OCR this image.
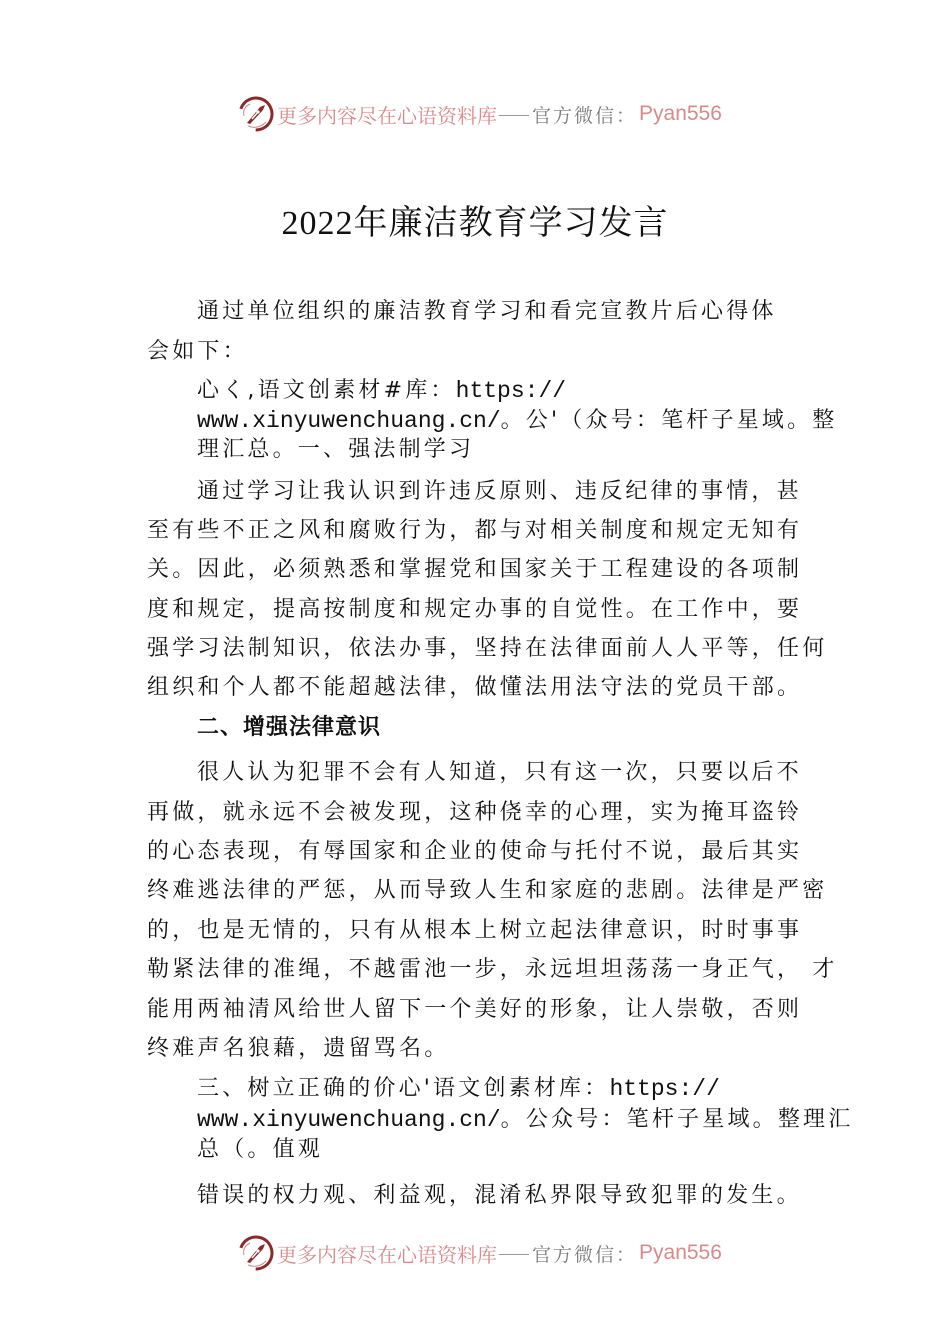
更多内容尽在心语资料库 官方微信： Pyan556
2022年廉洁教育学习发言
通过单位组织的廉洁教育学习和看完宣教片后心得体
会如下：
心く,语文创素材#库：https://
www.xinyuwenchuang.cn/。公'（众号：笔杆子星域。整
理汇总。一、强法制学习
通过学习让我认识到许违反原则、违反纪律的事情，甚
至有些不正之风和腐败行为，都与对相关制度和规定无知有
关。因此，必须熟悉和掌握党和国家关于工程建设的各项制
度和规定，提高按制度和规定办事的自觉性。在工作中，要
强学习法制知识，依法办事，坚持在法律面前人人平等，任何
组织和个人都不能超越法律，做懂法用法守法的党员干部。
二、增强法律意识
很人认为犯罪不会有人知道，只有这一次，只要以后不
再做，就永远不会被发现，这种侥幸的心理，实为掩耳盗铃
的心态表现，有辱国家和企业的使命与托付不说，最后其实
终难逃法律的严惩，从而导致人生和家庭的悲剧。法律是严密
的，也是无情的，只有从根本上树立起法律意识，时时事事
勒紧法律的准绳，不越雷池一步，永远坦坦荡荡一身正气， 才
能用两袖清风给世人留下一个美好的形象，让人崇敬，否则
终难声名狼藉，遗留骂名。
三、树立正确的价心'语文创素材库：https://
www.xinyuwenchuang.cn/。公众号：笔杆子星域。整理汇
总（。值观
错误的权力观、利益观，混淆私界限导致犯罪的发生。
更多内容尽在心语资料库 官方微信： Pyan556
